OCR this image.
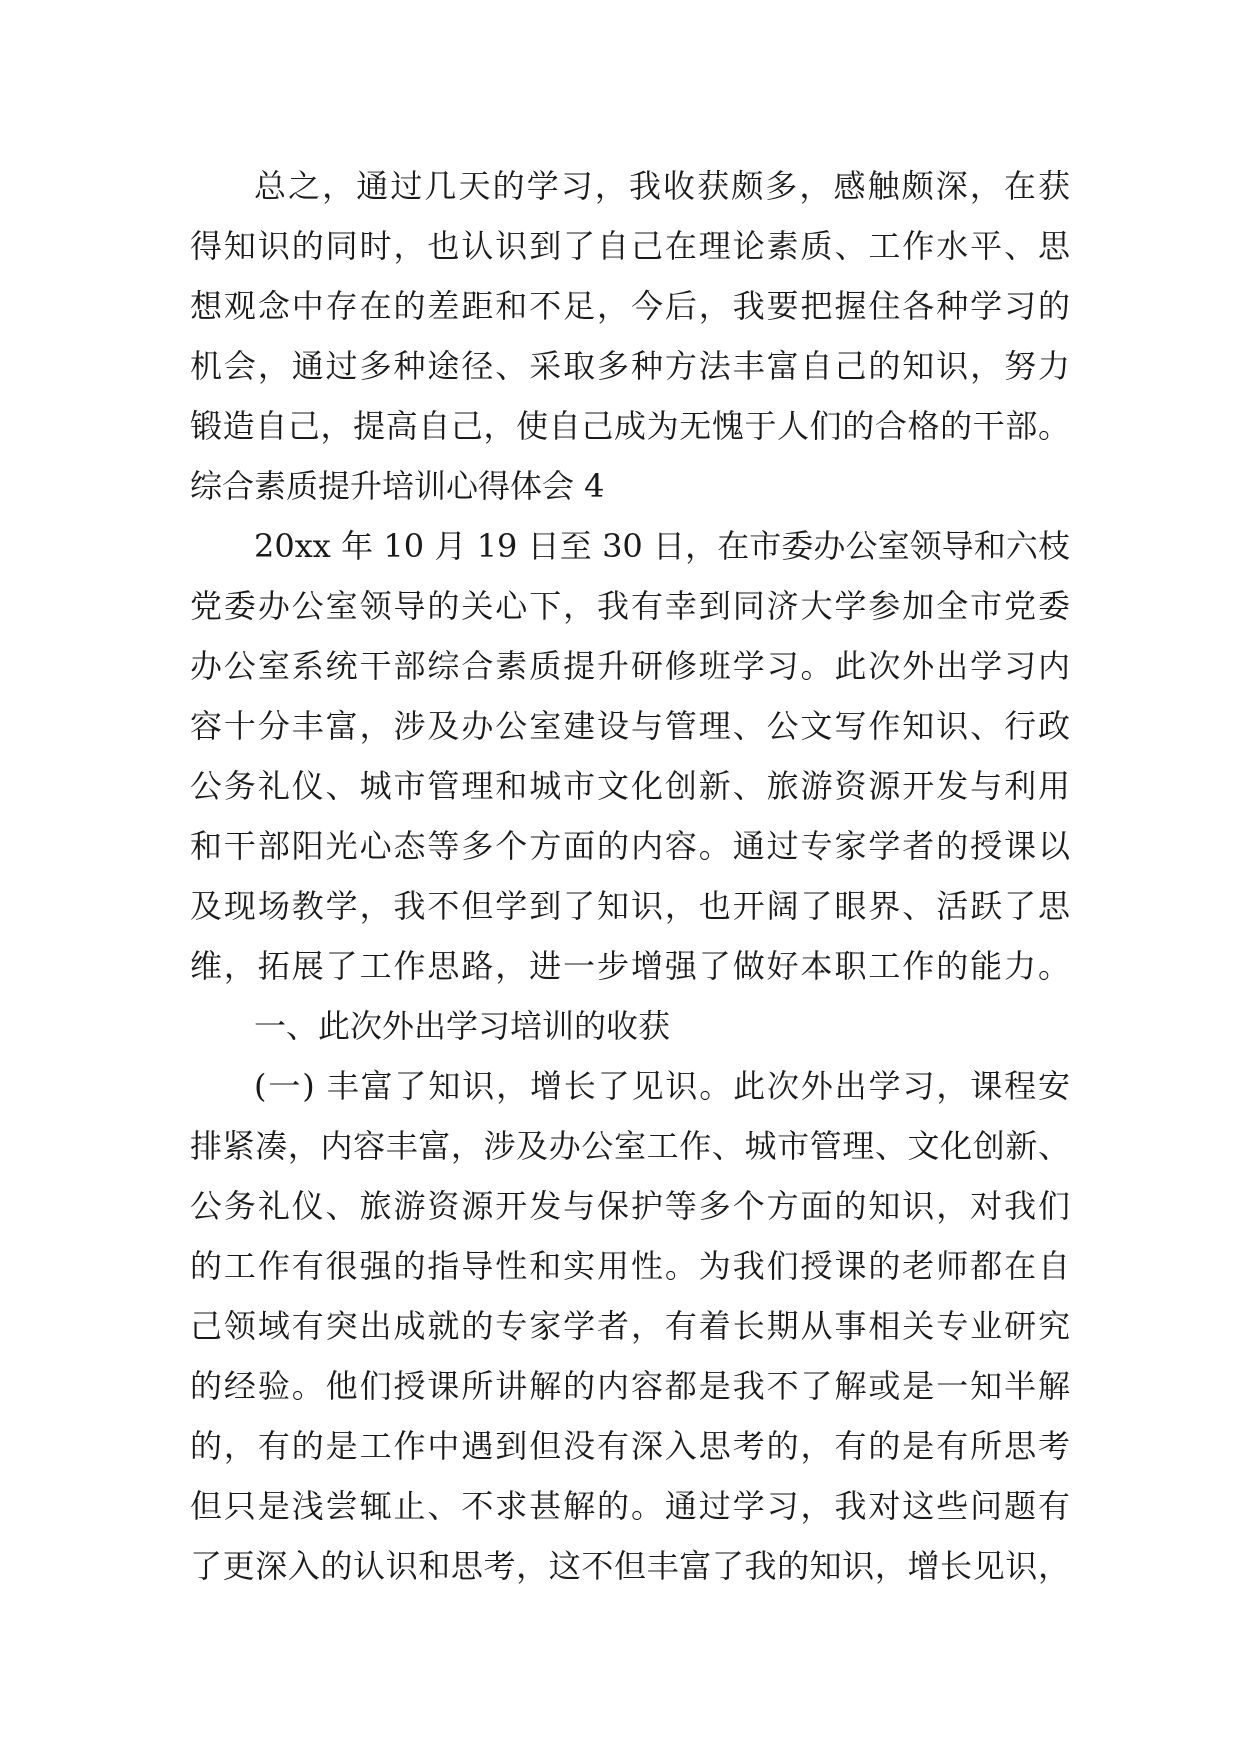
总之，通过几天的学习，我收获颇多，感触颇深，在获
得知识的同时，也认识到了自己在理论素质、工作水平、思
想观念中存在的差距和不足，今后，我要把握住各种学习的
机会，通过多种途径、采取多种方法丰富自己的知识，努力
锻造自己，提高自己，使自己成为无愧于人们的合格的干部。
综合素质提升培训心得体会 4
20xx 年 10 月 19 日至 30 日，在市委办公室领导和六枝
党委办公室领导的关心下，我有幸到同济大学参加全市党委
办公室系统干部综合素质提升研修班学习。此次外出学习内
容十分丰富，涉及办公室建设与管理、公文写作知识、行政
公务礼仪、城市管理和城市文化创新、旅游资源开发与利用
和干部阳光心态等多个方面的内容。通过专家学者的授课以
及现场教学，我不但学到了知识，也开阔了眼界、活跃了思
维，拓展了工作思路，进一步增强了做好本职工作的能力。
一、此次外出学习培训的收获
(一) 丰富了知识，增长了见识。此次外出学习，课程安
排紧凑，内容丰富，涉及办公室工作、城市管理、文化创新、
公务礼仪、旅游资源开发与保护等多个方面的知识，对我们
的工作有很强的指导性和实用性。为我们授课的老师都在自
己领域有突出成就的专家学者，有着长期从事相关专业研究
的经验。他们授课所讲解的内容都是我不了解或是一知半解
的，有的是工作中遇到但没有深入思考的，有的是有所思考
但只是浅尝辄止、不求甚解的。通过学习，我对这些问题有
了更深入的认识和思考，这不但丰富了我的知识，增长见识，
